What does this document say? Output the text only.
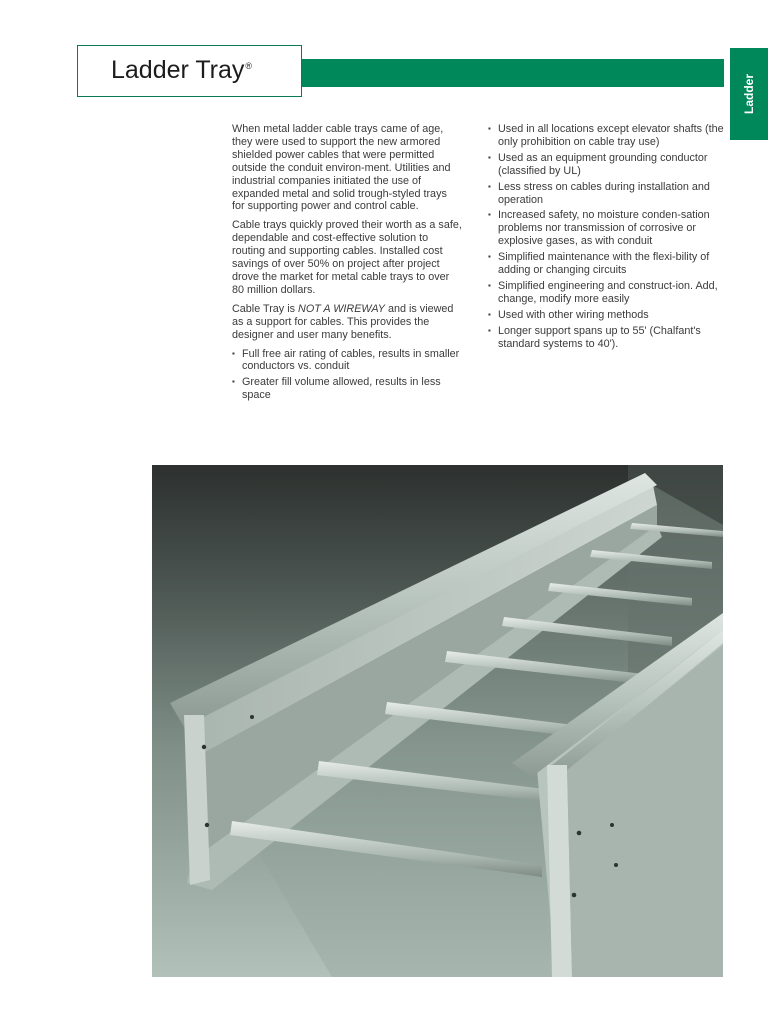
Ladder Tray®
Ladder

When metal ladder cable trays came of age, they were used to support the new armored shielded power cables that were permitted outside the conduit environ-ment. Utilities and industrial companies initiated the use of expanded metal and solid trough-styled trays for supporting power and control cable.

Cable trays quickly proved their worth as a safe, dependable and cost-effective solution to routing and supporting cables. Installed cost savings of over 50% on project after project drove the market for metal cable trays to over 80 million dollars.

Cable Tray is NOT A WIREWAY and is viewed as a support for cables. This provides the designer and user many benefits.

▪ Full free air rating of cables, results in smaller conductors vs. conduit
▪ Greater fill volume allowed, results in less space
▪ Used in all locations except elevator shafts (the only prohibition on cable tray use)
▪ Used as an equipment grounding conductor (classified by UL)
▪ Less stress on cables during installation and operation
▪ Increased safety, no moisture conden-sation problems nor transmission of corrosive or explosive gases, as with conduit
▪ Simplified maintenance with the flexi-bility of adding or changing circuits
▪ Simplified engineering and construct-ion. Add, change, modify more easily
▪ Used with other wiring methods
▪ Longer support spans up to 55' (Chalfant's standard systems to 40').
